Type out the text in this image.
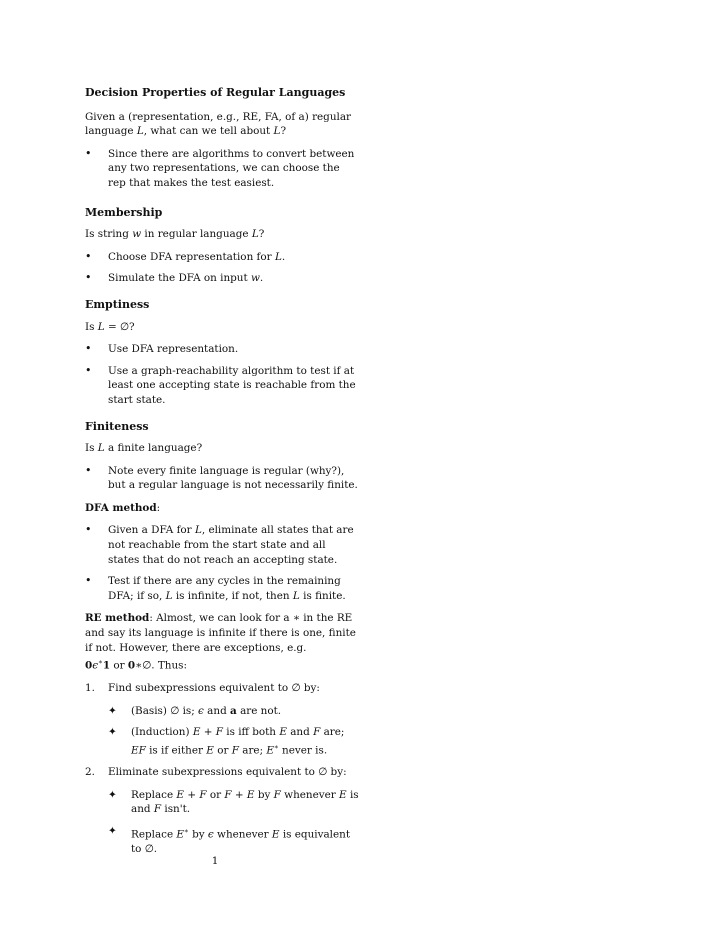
Decision Properties of Regular Languages

Given a (representation, e.g., RE, FA, of a) regular
language L, what can we tell about L?

• Since there are algorithms to convert between any two representations, we can choose the rep that makes the test easiest.

Membership

Is string w in regular language L?

• Choose DFA representation for L.
• Simulate the DFA on input w.

Emptiness

Is L = ∅?

• Use DFA representation.
• Use a graph-reachability algorithm to test if at least one accepting state is reachable from the start state.

Finiteness

Is L a finite language?

• Note every finite language is regular (why?), but a regular language is not necessarily finite.

DFA method:

• Given a DFA for L, eliminate all states that are not reachable from the start state and all states that do not reach an accepting state.
• Test if there are any cycles in the remaining DFA; if so, L is infinite, if not, then L is finite.

RE method: Almost, we can look for a ∗ in the RE and say its language is infinite if there is one, finite if not. However, there are exceptions, e.g.
0ϵ∗1 or 0∗∅. Thus:

1. Find subexpressions equivalent to ∅ by:
✦ (Basis) ∅ is; ϵ and a are not.
✦ (Induction) E + F is iff both E and F are; EF is if either E or F are; E∗ never is.
2. Eliminate subexpressions equivalent to ∅ by:
✦ Replace E + F or F + E by F whenever E is and F isn't.
✦ Replace E∗ by ϵ whenever E is equivalent to ∅.
1
